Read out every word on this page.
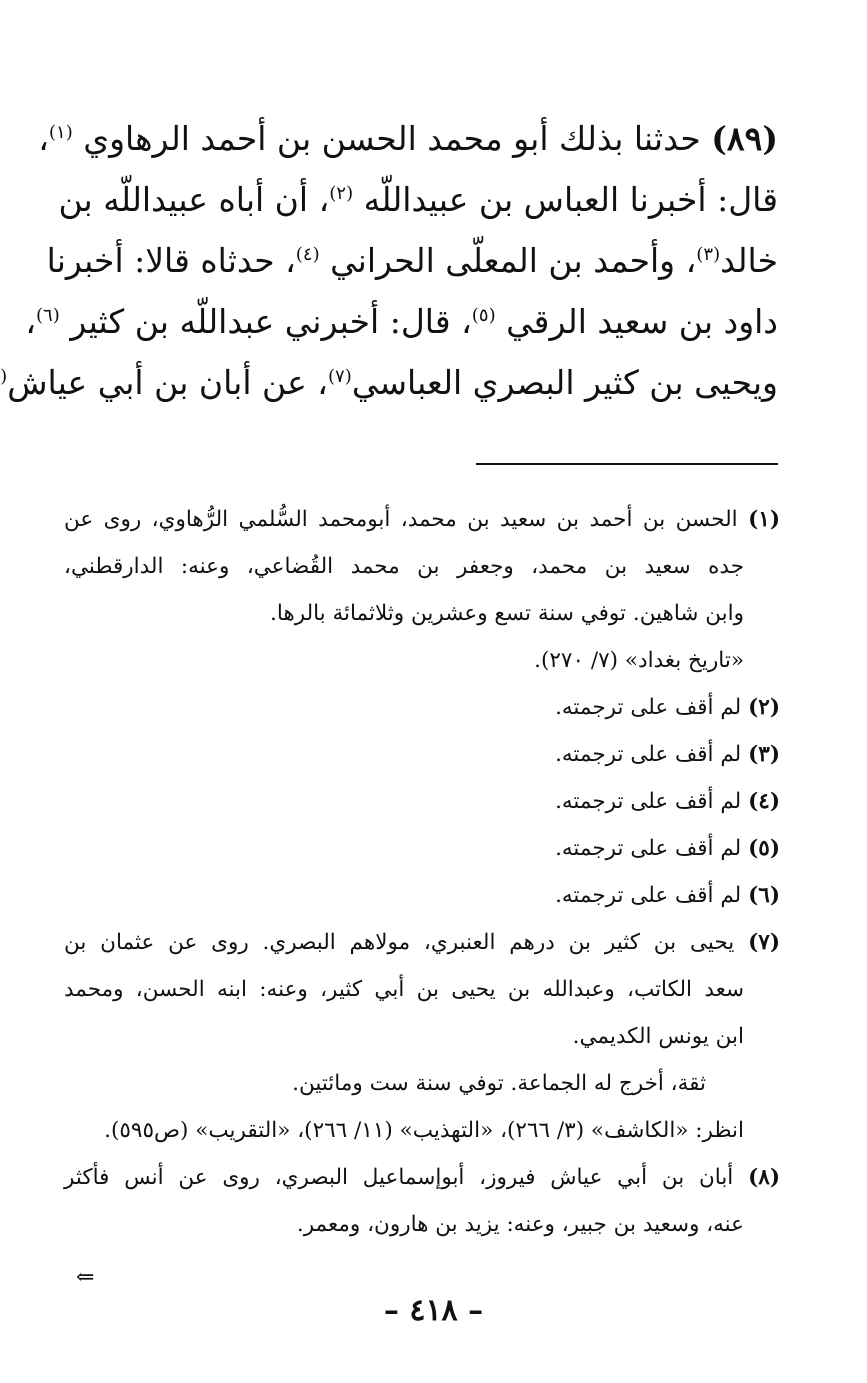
(٨٩) حدثنا بذلك أبو محمد الحسن بن أحمد الرهاوي $^{(١)}$،
قال: أخبرنا العباس بن عبيداللّه $^{(٢)}$، أن أباه عبيداللّه بن
خالد$^{(٣)}$، وأحمد بن المعلّى الحراني $^{(٤)}$، حدثاه قالا: أخبرنا
داود بن سعيد الرقي $^{(٥)}$، قال: أخبرني عبداللّه بن كثير $^{(٦)}$،
ويحيى بن كثير البصري العباسي$^{(٧)}$، عن أبان بن أبي عياش(
(١) الحسن بن أحمد بن سعيد بن محمد، أبومحمد السُّلمي الرُّهاوي، روى عن
جده سعيد بن محمد، وجعفر بن محمد القُضاعي، وعنه: الدارقطني،
وابن شاهين. توفي سنة تسع وعشرين وثلاثمائة بالرها.
«تاريخ بغداد» (٧/ ٢٧٠).
(٢) لم أقف على ترجمته.
(٣) لم أقف على ترجمته.
(٤) لم أقف على ترجمته.
(٥) لم أقف على ترجمته.
(٦) لم أقف على ترجمته.
(٧) يحيى بن كثير بن درهم العنبري، مولاهم البصري. روى عن عثمان بن
سعد الكاتب، وعبدالله بن يحيى بن أبي كثير، وعنه: ابنه الحسن، ومحمد
ابن يونس الكديمي.
ثقة، أخرج له الجماعة. توفي سنة ست ومائتين.
انظر: «الكاشف» (٣/ ٢٦٦)، «التهذيب» (١١/ ٢٦٦)، «التقريب» (ص٥٩٥).
(٨) أبان بن أبي عياش فيروز، أبوإسماعيل البصري، روى عن أنس فأكثر
عنه، وسعيد بن جبير، وعنه: يزيد بن هارون، ومعمر.
⇐
– ٤١٨ –
